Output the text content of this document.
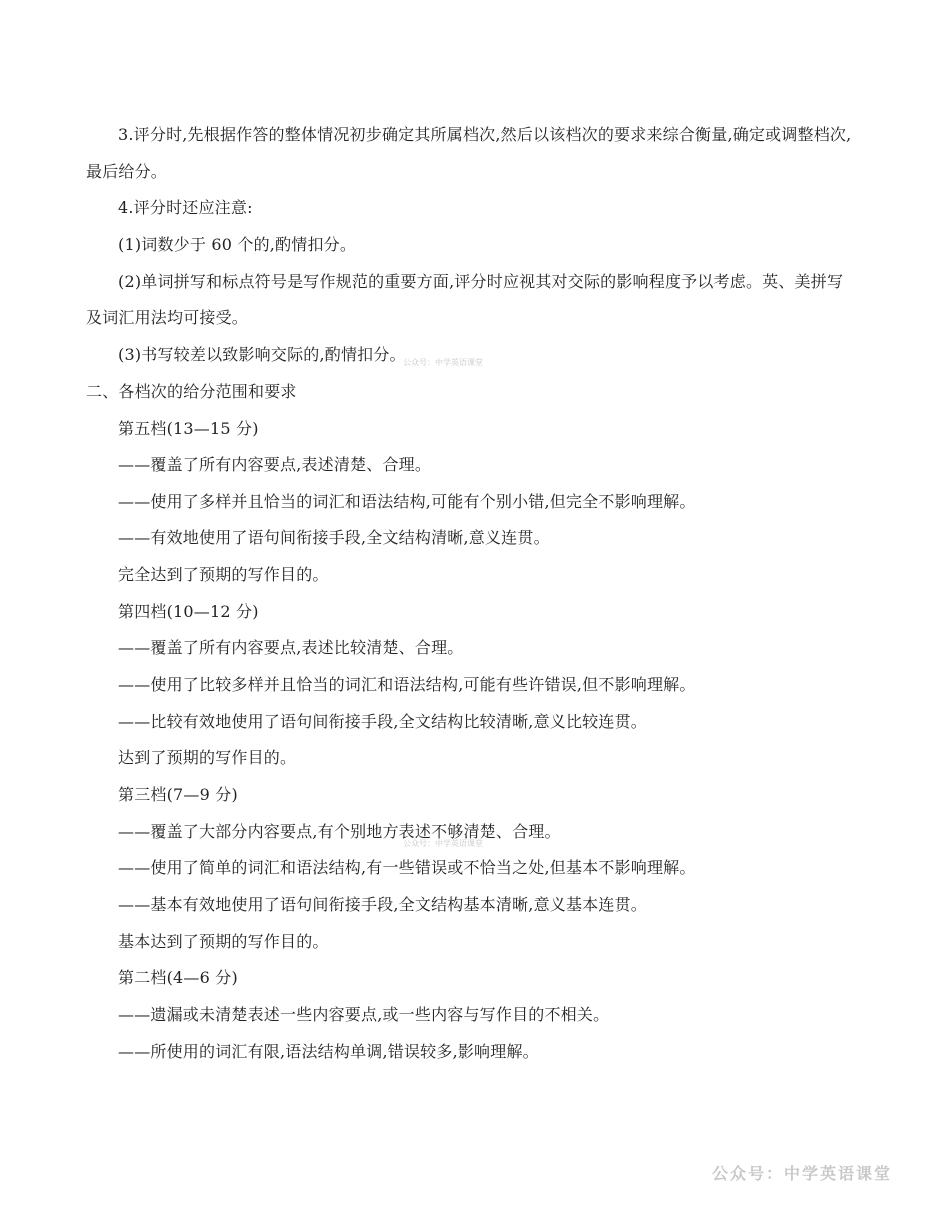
3.评分时,先根据作答的整体情况初步确定其所属档次,然后以该档次的要求来综合衡量,确定或调整档次,
最后给分。
4.评分时还应注意:
(1)词数少于 60 个的,酌情扣分。
(2)单词拼写和标点符号是写作规范的重要方面,评分时应视其对交际的影响程度予以考虑。英、美拼写
及词汇用法均可接受。
(3)书写较差以致影响交际的,酌情扣分。
公众号：中学英语课堂
二、各档次的给分范围和要求
第五档(13—15 分)
——覆盖了所有内容要点,表述清楚、合理。
——使用了多样并且恰当的词汇和语法结构,可能有个别小错,但完全不影响理解。
——有效地使用了语句间衔接手段,全文结构清晰,意义连贯。
完全达到了预期的写作目的。
第四档(10—12 分)
——覆盖了所有内容要点,表述比较清楚、合理。
——使用了比较多样并且恰当的词汇和语法结构,可能有些许错误,但不影响理解。
——比较有效地使用了语句间衔接手段,全文结构比较清晰,意义比较连贯。
达到了预期的写作目的。
第三档(7—9 分)
——覆盖了大部分内容要点,有个别地方表述不够清楚、合理。
公众号：中学英语课堂
——使用了简单的词汇和语法结构,有一些错误或不恰当之处,但基本不影响理解。
——基本有效地使用了语句间衔接手段,全文结构基本清晰,意义基本连贯。
基本达到了预期的写作目的。
第二档(4—6 分)
——遗漏或未清楚表述一些内容要点,或一些内容与写作目的不相关。
——所使用的词汇有限,语法结构单调,错误较多,影响理解。
公众号：中学英语课堂
